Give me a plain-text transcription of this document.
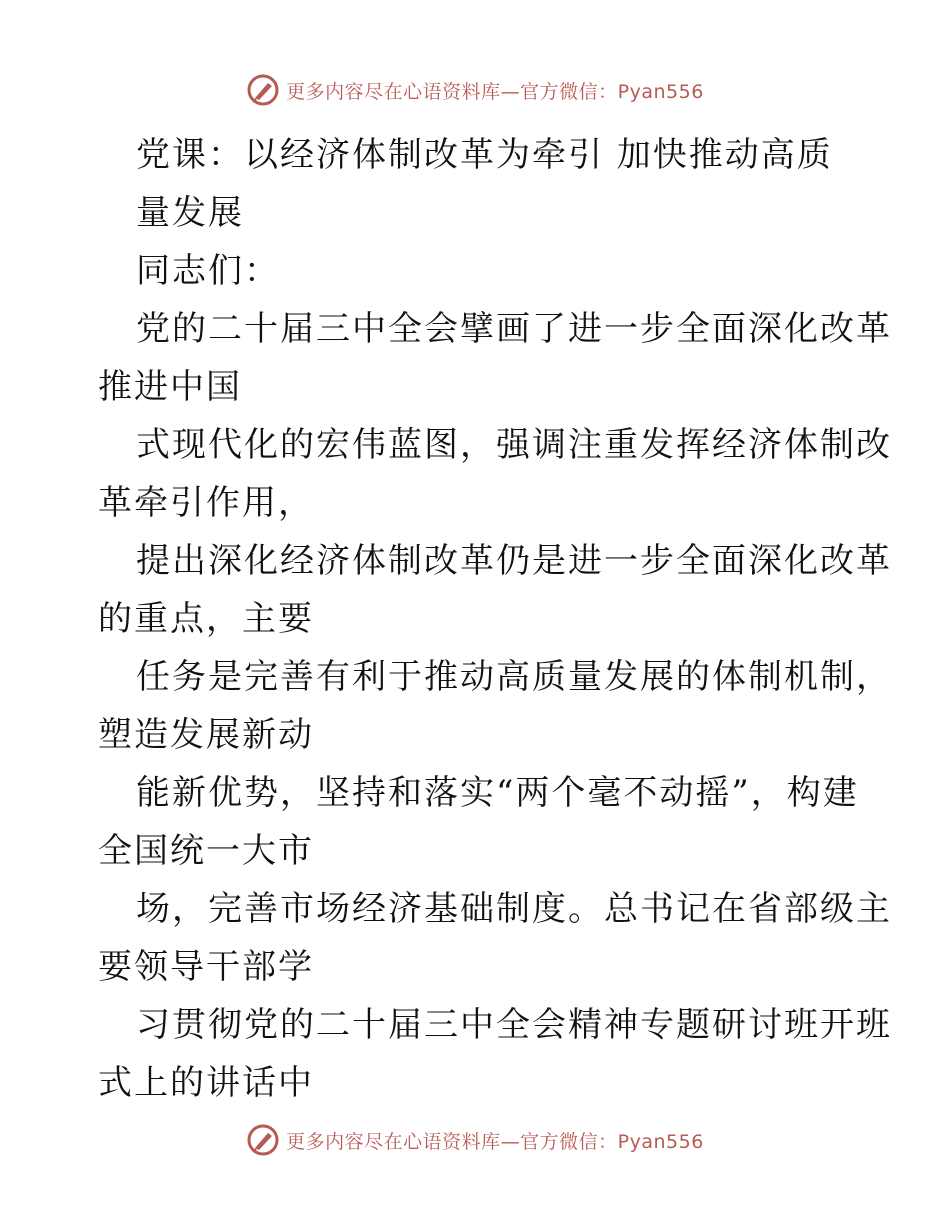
更多内容尽在心语资料库—官方微信：Pyan556
党课：以经济体制改革为牵引 加快推动高质
量发展
同志们：
党的二十届三中全会擘画了进一步全面深化改革
推进中国
式现代化的宏伟蓝图，强调注重发挥经济体制改
革牵引作用，
提出深化经济体制改革仍是进一步全面深化改革
的重点，主要
任务是完善有利于推动高质量发展的体制机制，
塑造发展新动
能新优势，坚持和落实“两个毫不动摇”，构建
全国统一大市
场，完善市场经济基础制度。总书记在省部级主
要领导干部学
习贯彻党的二十届三中全会精神专题研讨班开班
式上的讲话中
更多内容尽在心语资料库—官方微信：Pyan556
